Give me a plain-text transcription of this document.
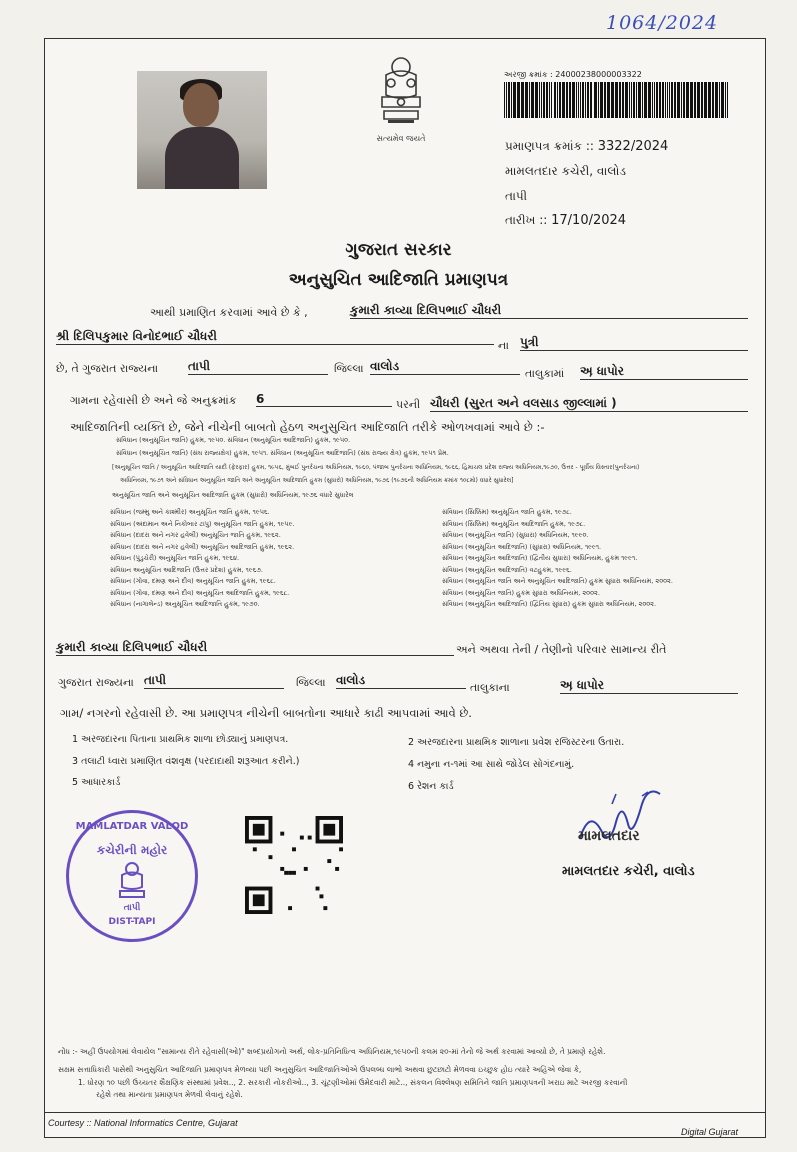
1064/2024
સત્યમેવ જયતે
અરજી ક્રમાંક : 24000238000003322
પ્રમાણપત્ર ક્રમાંક :: 3322/2024
મામલતદાર કચેરી, વાલોડ
તાપી
તારીખ :: 17/10/2024
ગુજરાત સરકાર
અનુસુચિત આદિજાતિ પ્રમાણપત્ર
આથી પ્રમાણિત કરવામાં આવે છે કે ,	કુમારી કાવ્યા દિલિપભાઈ ચૌધરી
શ્રી દિલિપકુમાર વિનોદભાઈ ચૌધરી
ના પુત્રી
છે, તે ગુજરાત રાજ્યના તાપી	જિલ્લા વાલોડ
તાલુકામાં અ઼ ધાપોર
ગામના રહેવાસી છે અને જે અનુક્રમાંક 6	પરની ચૌધરી (સુરત અને વલસાડ જીલ્લામાં )
આદિજાતિની વ્યક્તિ છે, જેને નીચેની બાબતો હેઠળ અનુસુચિત આદિજાતિ તરીકે ઓળખવામાં આવે છે :-
સંવિધાન (અનુસૂચિત જાતિ) હુકમ, ૧૯૫૦. સંવિધાન (અનુસૂચિત આદિજાતિ) હુકમ, ૧૯૫૦.
સંવિધાન (અનુસૂચિત જાતિ) (સંઘ રાજ્યક્ષેત્ર) હુકમ, ૧૯૫૧. સંવિધાન (અનુસૂચિત આદિજાતિ) (સંઘ રાજ્ય ક્ષેત્ર) હુકમ, ૧૯૫૧ પ્રેમ.
[અનુસૂચિત જાતિ / અનુસૂચિત આદિજાતિ યાદી (ફેરફાર) હુકમ, ૧૯૫૬, મુંબઈ પુનર્રચના અધિનિયમ, ૧૯૬૦, પંજાબ પુનર્રચના અધિનિયમ, ૧૯૬૬, હિમાચલ પ્રદેશ રાજ્ય અધિનિયમ,૧૯૭૦, ઉત્તર - પૂર્વીય વિસ્તાર(પુનર્રચના)
અધિનિયમ, ૧૯૭૧ અને સંવિધાન અનુસૂચિત જાતિ અને અનુસૂચિત આદિજાતિ હુકમ (સુધારો) અધિનિયમ, ૧૯૭૬ (૧૯૭૬ની અધિનિયમ ક્રમાંક ૧૦૮મો) વધારે સુધારેલ]
અનુસૂચિત જાતિ અને અનુસૂચિત આદિજાતિ હુકમ (સુધારો) અધિનિયમ, ૧૯૭૬ વધારે સુધારેલ
સંવિધાન (જમ્મુ અને કાશ્મીર) અનુસૂચિત જાતિ હુકમ, ૧૯૫૬.
સંવિધાન (અંદામાન અને નિકોબાર ટાપુ) અનુસૂચિત જાતિ હુકમ, ૧૯૫૯.
સંવિધાન (દાદરા અને નગર હવેલી) અનુસૂચિત જાતિ હુકમ, ૧૯૬૨.
સંવિધાન (દાદરા અને નગર હવેલી) અનુસૂચિત આદિજાતિ હુકમ, ૧૯૬૨.
સંવિધાન (પુંડુચેરી) અનુસૂચિત જાતિ હુકમ, ૧૯૬૪.
સંવિધાન અનુસૂચિત આદિજાતિ (ઉત્તર પ્રદેશ) હુકમ, ૧૯૬૭.
સંવિધાન (ગોવા, દમણ અને દીવ) અનુસૂચિત જાતિ હુકમ, ૧૯૬૮.
સંવિધાન (ગોવા, દમણ અને દીવ) અનુસૂચિત આદિજાતિ હુકમ, ૧૯૬૮.
સંવિધાન (નાગાલેન્ડ) અનુસૂચિત આદિજાતિ હુકમ, ૧૯૭૦.
સંવિધાન (સિક્કિમ) અનુસૂચિત જાતિ હુકમ, ૧૯૭૮.
સંવિધાન (સિક્કિમ) અનુસૂચિત આદિજાતિ હુકમ, ૧૯૭૮.
સંવિધાન (અનુસૂચિત જાતિ) (સુધારા) અધિનિયમ, ૧૯૯૦.
સંવિધાન (અનુસૂચિત આદિજાતિ) (સુધારા) અધિનિયમ, ૧૯૯૧.
સંવિધાન (અનુસૂચિત આદિજાતિ) (દ્વિતીય સુધારા) અધિનિયમ, હુકમ ૧૯૯૧.
સંવિધાન (અનુસૂચિત આદિજાતિ) વટહુકમ, ૧૯૯૬.
સંવિધાન (અનુસૂચિત જાતિ અને અનુસૂચિત આદિજાતિ) હુકમ સુધારા અધિનિયમ, ૨૦૦૨.
સંવિધાન (અનુસૂચિત જાતિ) હુકમ સુધારા અધિનિયમ, ૨૦૦૨.
સંવિધાન (અનુસૂચિત આદિજાતિ) (દ્વિતિય સુધારા) હુકમ સુધારા અધિનિયમ, ૨૦૦૨.
કુમારી કાવ્યા દિલિપભાઈ ચૌધરી	અને અથવા તેની / તેણીનો પરિવાર સામાન્ય રીતે
ગુજરાત રાજ્યના તાપી	જિલ્લા વાલોડ
તાલુકાના	અ઼ ધાપોર
ગામ/ નગરનો રહેવાસી છે. આ પ્રમાણપત્ર નીચેની બાબતોના આધારે કાઢી આપવામાં આવે છે.
1 અરજદારના પિતાના પ્રાથમિક શાળા છોડ્યાનું પ્રમાણપત્ર.	2 અરજદારના પ્રાથમિક શાળાના પ્રવેશ રજિસ્ટરના ઉતારા.
3 તલાટી ધ્વારા પ્રમાણિત વંશવૃક્ષ (પરદાદાથી શરૂઆત કરીને.)	4 નમુના ન-૧માં આ સાથે જોડેલ સોગંદનામું.
5 આધારકાર્ડ	6 રેશન કાર્ડ
MAMLATDAR VALOD
કચેરીની મહોર
તાપી
DIST-TAPI
મામલતદાર
મામલતદાર કચેરી, વાલોડ
નોંધ :- અહીં ઉપયોગમાં લેવાયેલ "સામાન્ય રીતે રહેવાસી(ઓ)" શબ્દપ્રયોગનો અર્થ, લોક-પ્રતિનિધિત્વ અધિનિયમ,૧૯૫૦ની કલમ ૨૦-માં તેનો જે અર્થ કરવામાં આવ્યો છે, તે પ્રમાણે રહેશે.
સક્ષમ સત્તાધિકારી પાસેથી અનુસુચિત આદિજાતિ પ્રમાણપત્ર મેળવ્યા પછી અનુસુચિત આદિજાતિઓએ ઉપલબ્ધ લાભો અથવા છુટછાટો મેળવવા ઇચ્છુક હોઇ ત્યારે અહિંએ જેવા કે,
1. ધોરણ ૧૦ પછી ઉચ્ચતર શૈક્ષણિક સંસ્થામાં પ્રવેશ.., 2. સરકારી નોકરીઓ.., 3. ચૂંટણીઓમાં ઉમેદવારી માટે.., સંકલન વિશ્લેષણ સમિતિને જાતિ પ્રમાણપત્રની ખરાઇ માટે અરજી કરવાની
રહેશે તથા માન્યતા પ્રમાણપત્ર મેળવી લેવાનું રહેશે.
Courtesy :: National Informatics Centre, Gujarat
Digital Gujarat
